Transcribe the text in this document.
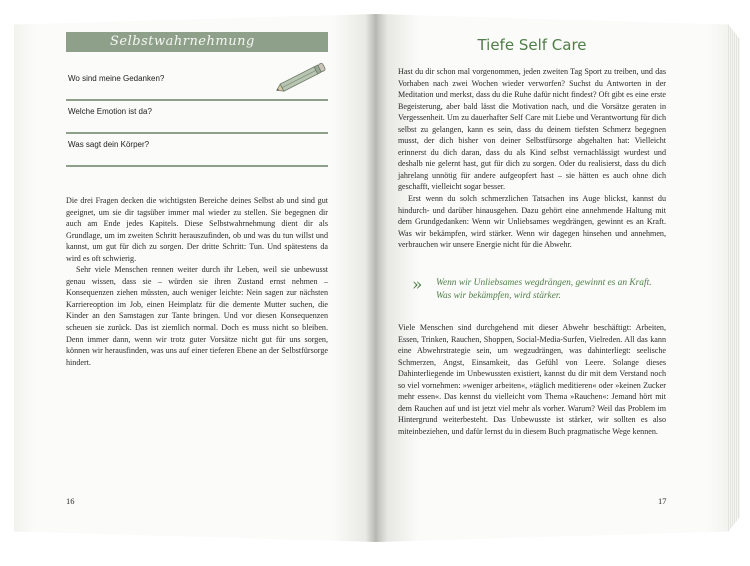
Selbstwahrnehmung
Wo sind meine Gedanken?
Welche Emotion ist da?
Was sagt dein Körper?

Die drei Fragen decken die wichtigsten Bereiche deines Selbst ab und sind gut geeignet, um sie dir tagsüber immer mal wieder zu stellen. Sie begegnen dir auch am Ende jedes Kapitels. Diese Selbstwahrnehmung dient dir als Grundlage, um im zweiten Schritt herauszufinden, ob und was du tun willst und kannst, um gut für dich zu sorgen. Der dritte Schritt: Tun. Und spätestens da wird es oft schwierig.

Sehr viele Menschen rennen weiter durch ihr Leben, weil sie unbewusst genau wissen, dass sie – würden sie ihren Zustand ernst nehmen – Konsequenzen ziehen müssten, auch weniger leichte: Nein sagen zur nächsten Karriereoption im Job, einen Heimplatz für die demente Mutter suchen, die Kinder an den Samstagen zur Tante bringen. Und vor diesen Konsequenzen scheuen sie zurück. Das ist ziemlich normal. Doch es muss nicht so bleiben. Denn immer dann, wenn wir trotz guter Vorsätze nicht gut für uns sorgen, können wir herausfinden, was uns auf einer tieferen Ebene an der Selbstfürsorge hindert.

16
Tiefe Self Care

Hast du dir schon mal vorgenommen, jeden zweiten Tag Sport zu treiben, und das Vorhaben nach zwei Wochen wieder verworfen? Suchst du Antworten in der Meditation und merkst, dass du die Ruhe dafür nicht findest? Oft gibt es eine erste Begeisterung, aber bald lässt die Motivation nach, und die Vorsätze geraten in Vergessenheit. Um zu dauerhafter Self Care mit Liebe und Verantwortung für dich selbst zu gelangen, kann es sein, dass du deinem tiefsten Schmerz begegnen musst, der dich bisher von deiner Selbstfürsorge abgehalten hat: Vielleicht erinnerst du dich daran, dass du als Kind selbst vernachlässigt wurdest und deshalb nie gelernt hast, gut für dich zu sorgen. Oder du realisierst, dass du dich jahrelang unnötig für andere aufgeopfert hast – sie hätten es auch ohne dich geschafft, vielleicht sogar besser.

Erst wenn du solch schmerzlichen Tatsachen ins Auge blickst, kannst du hindurch- und darüber hinausgehen. Dazu gehört eine annehmende Haltung mit dem Grundgedanken: Wenn wir Unliebsames wegdrängen, gewinnt es an Kraft. Was wir bekämpfen, wird stärker. Wenn wir dagegen hinsehen und annehmen, verbrauchen wir unsere Energie nicht für die Abwehr.

» Wenn wir Unliebsames wegdrängen, gewinnt es an Kraft. Was wir bekämpfen, wird stärker.

Viele Menschen sind durchgehend mit dieser Abwehr beschäftigt: Arbeiten, Essen, Trinken, Rauchen, Shoppen, Social-Media-Surfen, Vielreden. All das kann eine Abwehrstrategie sein, um wegzudrängen, was dahinterliegt: seelische Schmerzen, Angst, Einsamkeit, das Gefühl von Leere. Solange dieses Dahinterliegende im Unbewussten existiert, kannst du dir mit dem Verstand noch so viel vornehmen: »weniger arbeiten«, »täglich meditieren« oder »keinen Zucker mehr essen«. Das kennst du vielleicht vom Thema »Rauchen«: Jemand hört mit dem Rauchen auf und ist jetzt viel mehr als vorher. Warum? Weil das Problem im Hintergrund weiterbesteht. Das Unbewusste ist stärker, wir sollten es also miteinbeziehen, und dafür lernst du in diesem Buch pragmatische Wege kennen.

17
